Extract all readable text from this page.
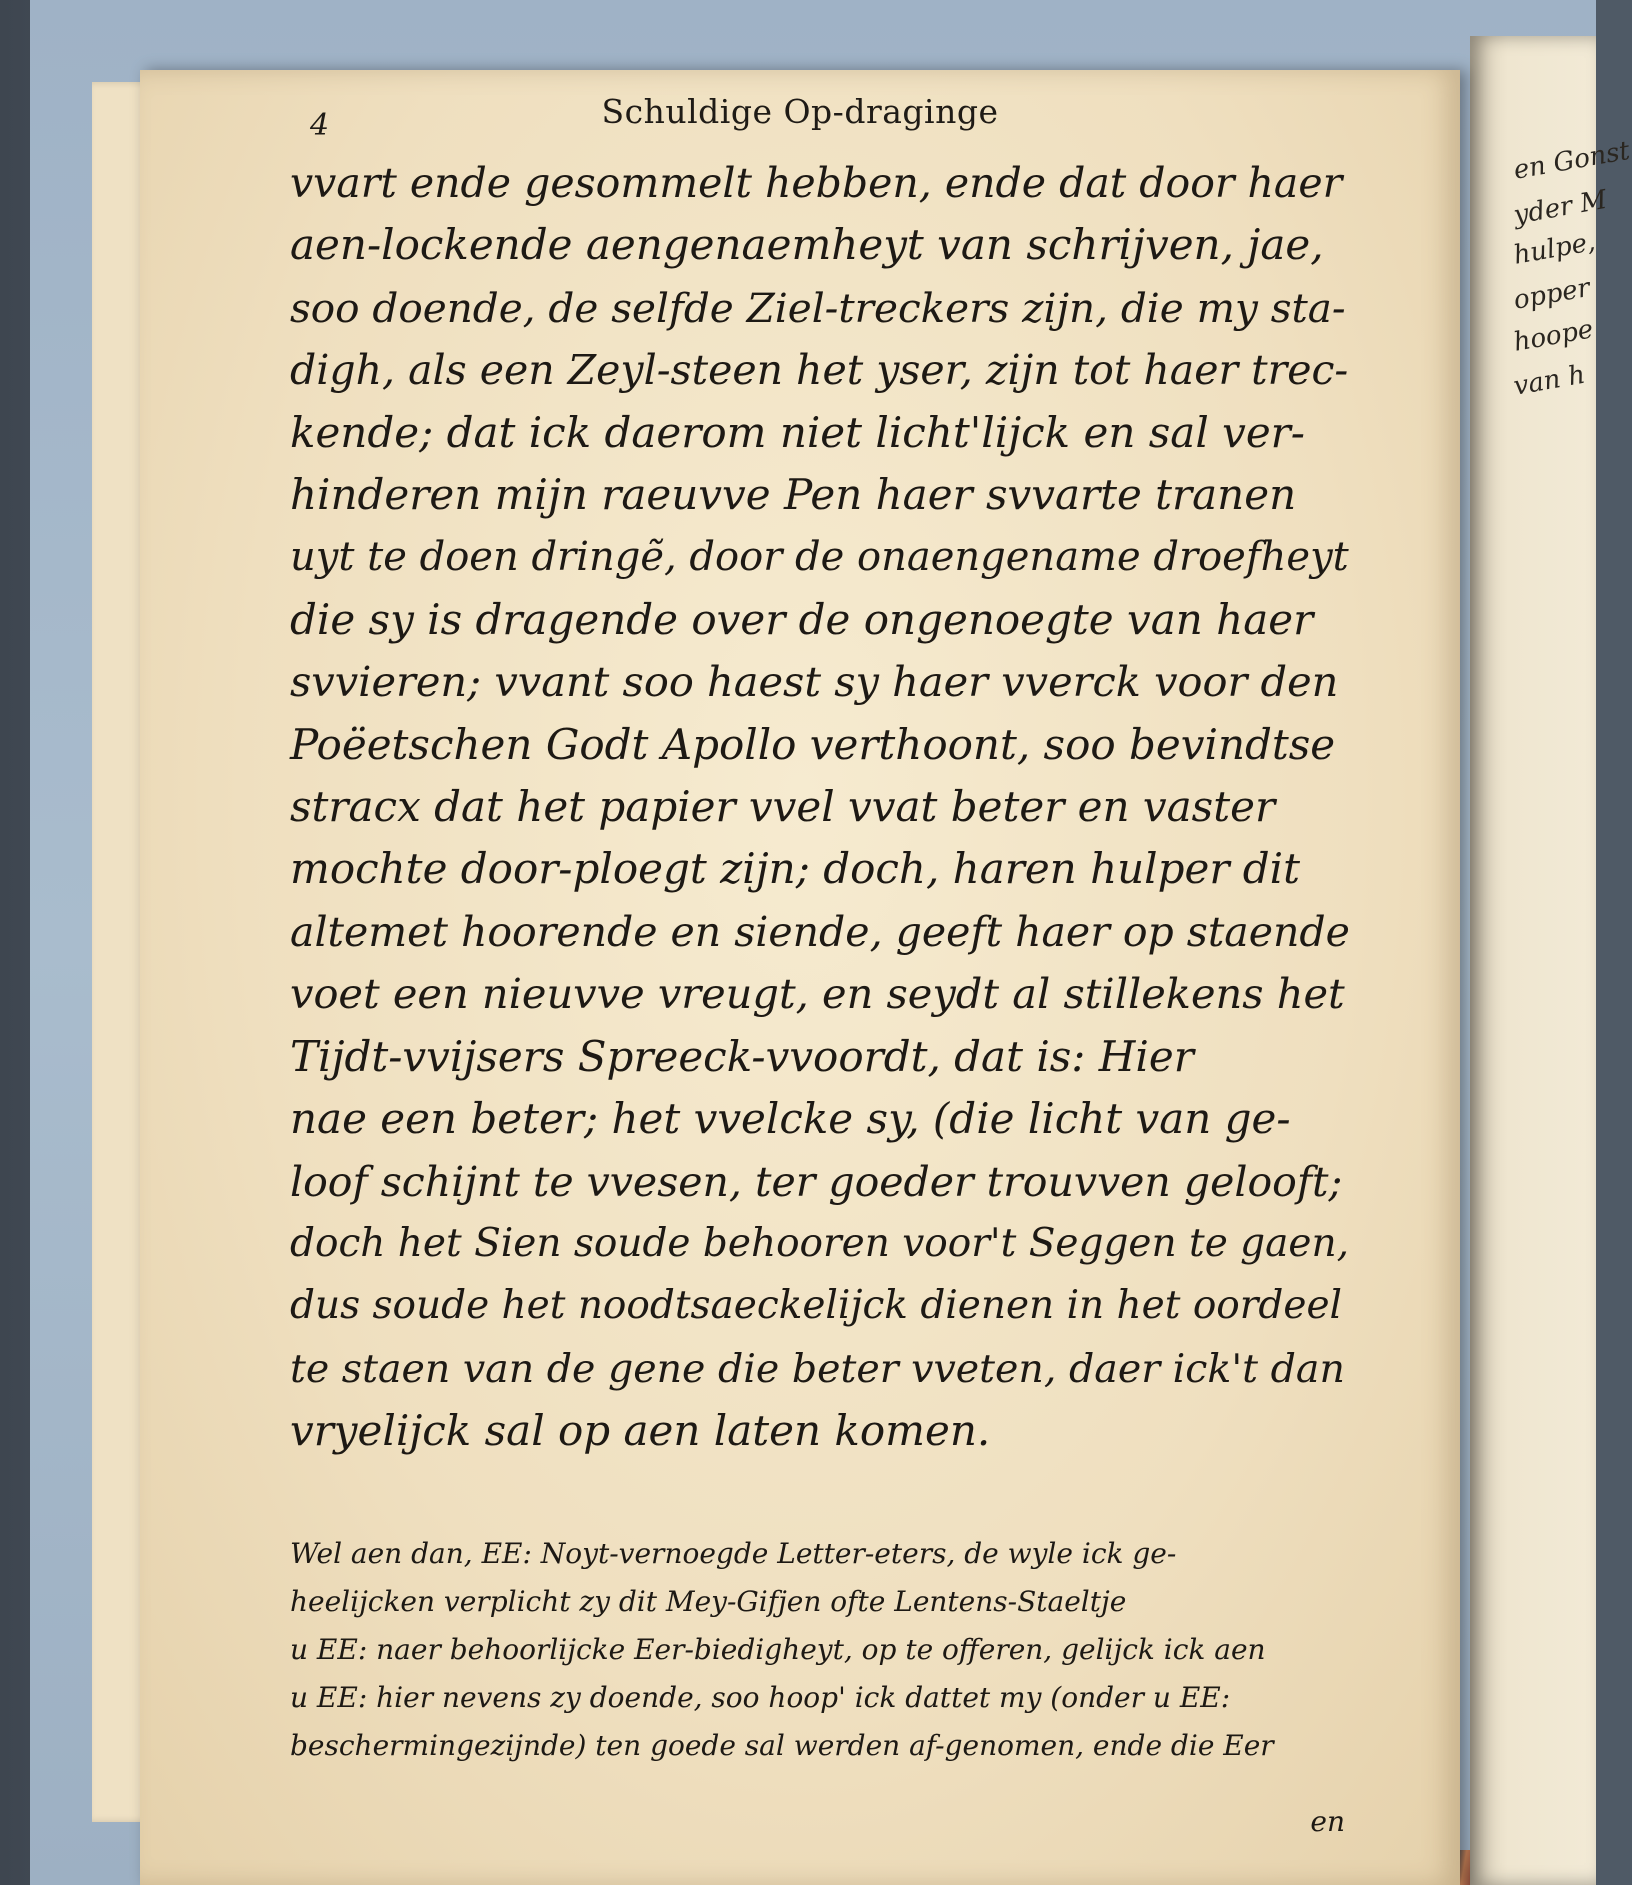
en Gonst
yder M
hulpe,
opper
hoope
van h
4	Schuldige Op-draginge
vvart ende gesommelt hebben, ende dat door haer
aen-lockende aengenaemheyt van schrijven, jae,
soo doende, de selfde Ziel-treckers zijn, die my sta-
digh, als een Zeyl-steen het yser, zijn tot haer trec-
kende; dat ick daerom niet licht'lijck en sal ver-
hinderen mijn raeuvve Pen haer svvarte tranen
uyt te doen dringẽ, door de onaengename droefheyt
die sy is dragende over de ongenoegte van haer
svvieren; vvant soo haest sy haer vverck voor den
Poëetschen Godt Apollo verthoont, soo bevindtse
stracx dat het papier vvel vvat beter en vaster
mochte door-ploegt zijn; doch, haren hulper dit
altemet hoorende en siende, geeft haer op staende
voet een nieuvve vreugt, en seydt al stillekens het
Tijdt-vvijsers Spreeck-vvoordt, dat is: Hier
nae een beter; het vvelcke sy, (die licht van ge-
loof schijnt te vvesen, ter goeder trouvven gelooft;
doch het Sien soude behooren voor't Seggen te gaen,
dus soude het noodtsaeckelijck dienen in het oordeel
te staen van de gene die beter vveten, daer ick't dan
vryelijck sal op aen laten komen.
Wel aen dan, EE: Noyt-vernoegde Letter-eters, de wyle ick ge-
heelijcken verplicht zy dit Mey-Gifjen ofte Lentens-Staeltje
u EE: naer behoorlijcke Eer-biedigheyt, op te offeren, gelijck ick aen
u EE: hier nevens zy doende, soo hoop' ick dattet my (onder u EE:
beschermingezijnde) ten goede sal werden af-genomen, ende die Eer
en
